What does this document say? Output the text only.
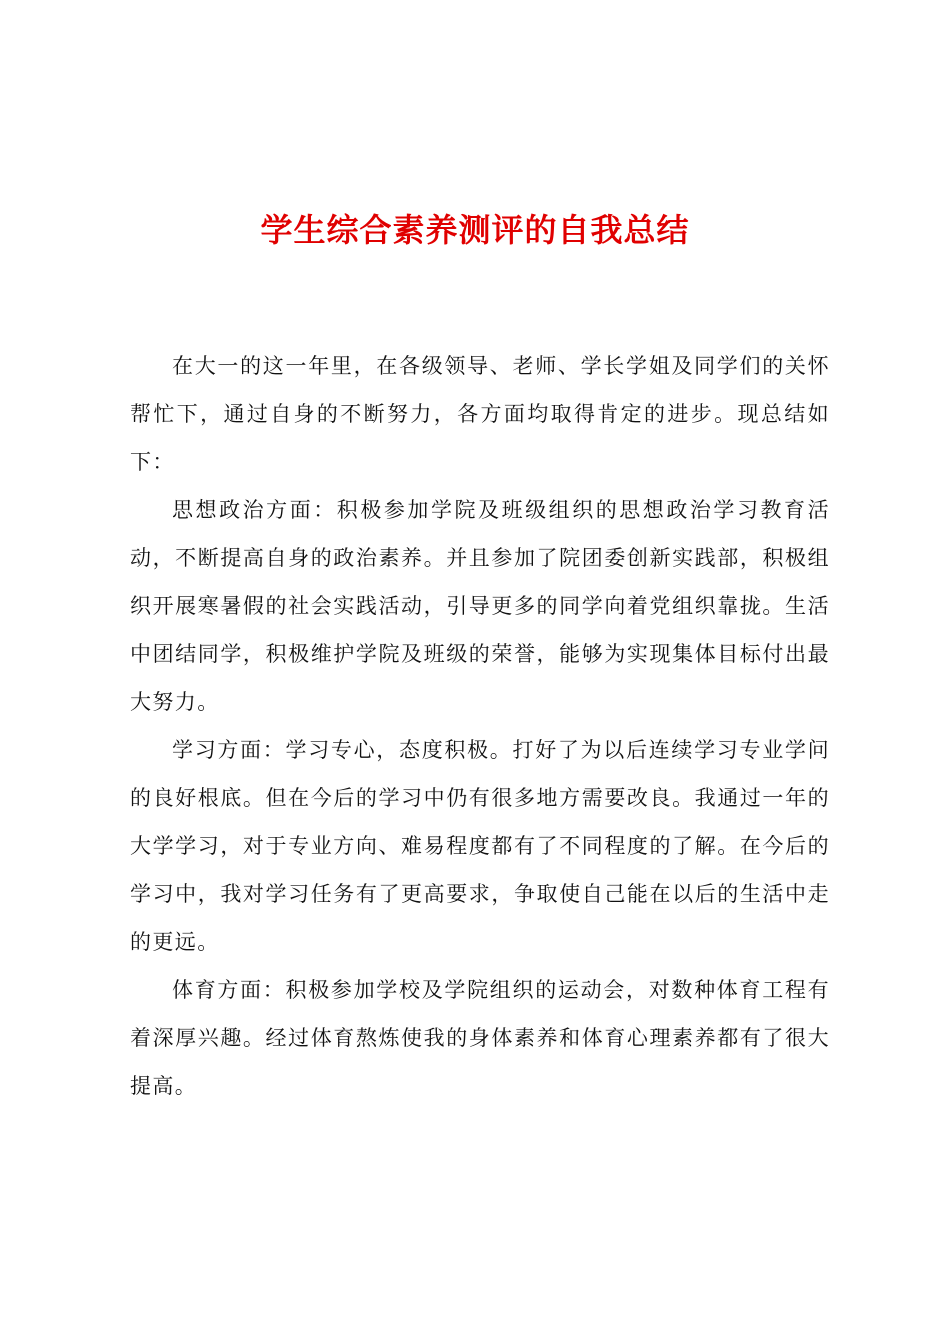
学生综合素养测评的自我总结

在大一的这一年里，在各级领导、老师、学长学姐及同学们的关怀帮忙下，通过自身的不断努力，各方面均取得肯定的进步。现总结如下：

思想政治方面：积极参加学院及班级组织的思想政治学习教育活动，不断提高自身的政治素养。并且参加了院团委创新实践部，积极组织开展寒暑假的社会实践活动，引导更多的同学向着党组织靠拢。生活中团结同学，积极维护学院及班级的荣誉，能够为实现集体目标付出最大努力。

学习方面：学习专心，态度积极。打好了为以后连续学习专业学问的良好根底。但在今后的学习中仍有很多地方需要改良。我通过一年的大学学习，对于专业方向、难易程度都有了不同程度的了解。在今后的学习中，我对学习任务有了更高要求，争取使自己能在以后的生活中走的更远。

体育方面：积极参加学校及学院组织的运动会，对数种体育工程有着深厚兴趣。经过体育熬炼使我的身体素养和体育心理素养都有了很大提高。
